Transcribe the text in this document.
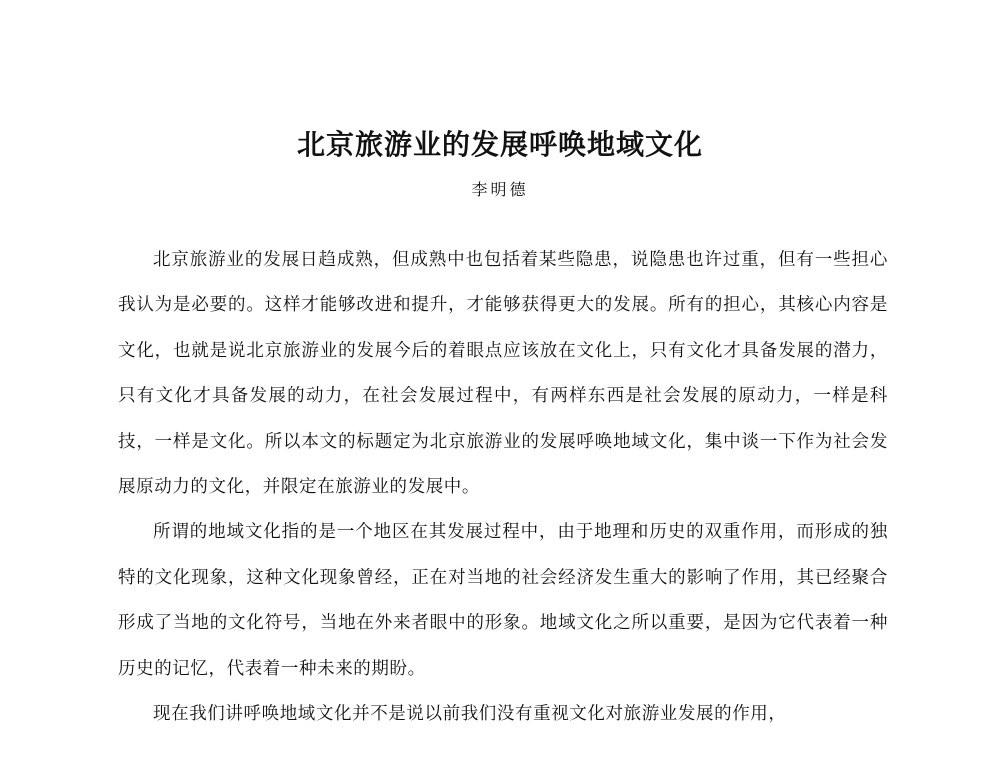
北京旅游业的发展呼唤地域文化
李明德

北京旅游业的发展日趋成熟，但成熟中也包括着某些隐患，说隐患也许过重，但有一些担心我认为是必要的。这样才能够改进和提升，才能够获得更大的发展。所有的担心，其核心内容是文化，也就是说北京旅游业的发展今后的着眼点应该放在文化上，只有文化才具备发展的潜力，只有文化才具备发展的动力，在社会发展过程中，有两样东西是社会发展的原动力，一样是科技，一样是文化。所以本文的标题定为北京旅游业的发展呼唤地域文化，集中谈一下作为社会发展原动力的文化，并限定在旅游业的发展中。

所谓的地域文化指的是一个地区在其发展过程中，由于地理和历史的双重作用，而形成的独特的文化现象，这种文化现象曾经，正在对当地的社会经济发生重大的影响了作用，其已经聚合形成了当地的文化符号，当地在外来者眼中的形象。地域文化之所以重要，是因为它代表着一种历史的记忆，代表着一种未来的期盼。

现在我们讲呼唤地域文化并不是说以前我们没有重视文化对旅游业发展的作用，
